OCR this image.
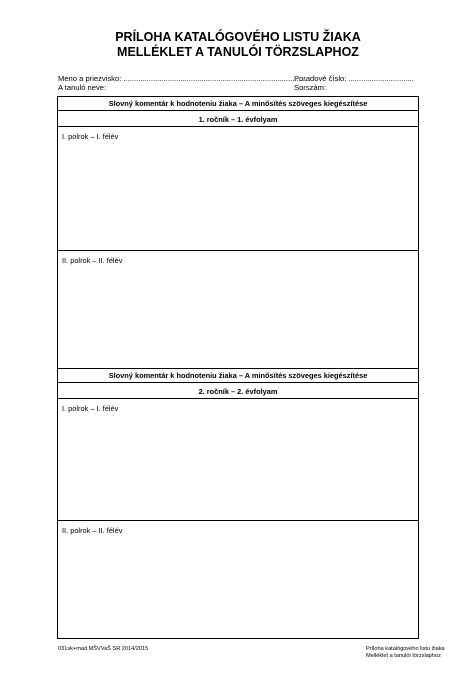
PRÍLOHA KATALÓGOVÉHO LISTU ŽIAKA
MELLÉKLET A TANULÓI TÖRZSLAPHOZ
Meno a priezvisko: .......................................................................................
A tanuló neve:
Poradové číslo: ...............................
Sorszám:
Slovný komentár k hodnoteniu žiaka – A minősítés szöveges kiegészítése
1. ročník – 1. évfolyam
I. polrok – I. félév
II. polrok – II. félév
Slovný komentár k hodnoteniu žiaka – A minősítés szöveges kiegészítése
2. ročník – 2. évfolyam
I. polrok – I. félév
II. polrok – II. félév
031sk+mad MŠVVaŠ SR 2014/2015	Príloha katalógového listu žiaka
Melléklet a tanulói törzslaphoz
